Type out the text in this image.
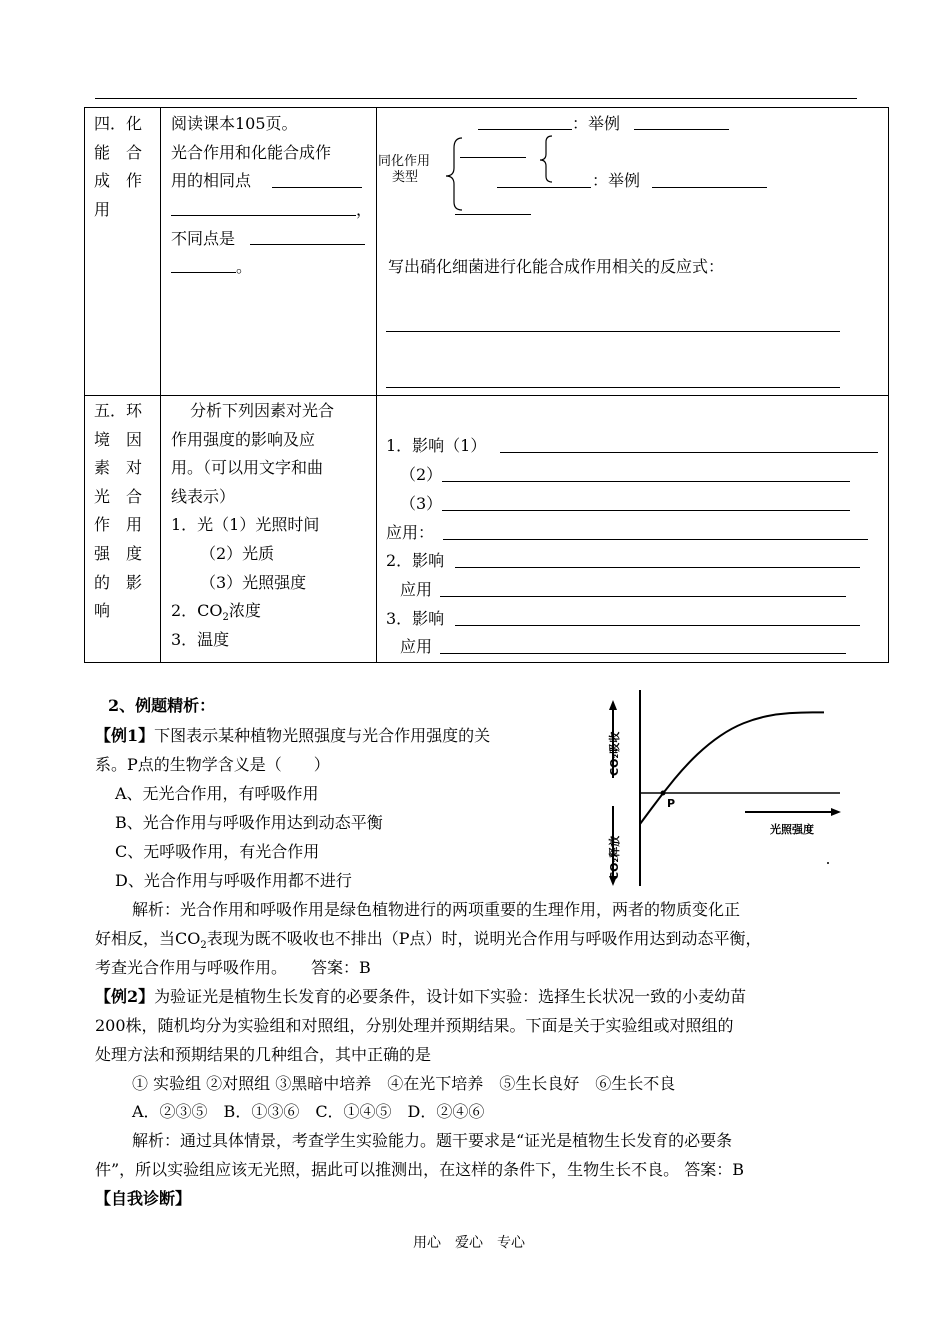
四．化
能　合
成　作
用
阅读课本105页。
光合作用和化能合成作
用的相同点
，
不同点是
。
：举例
同化作用
类型	：举例
写出硝化细菌进行化能合成作用相关的反应式：
五．环
境　因
素　对
光　合
作　用
强　度
的　影
响
分析下列因素对光合
作用强度的影响及应
用。（可以用文字和曲
线表示）
1．光（1）光照时间
（2）光质
（3）光照强度
2．$CO_2$浓度
3．温度
1．影响（1）
（2）
（3）
应用：
2．影响
应用
3．影响
应用
2、例题精析：
【例1】下图表示某种植物光照强度与光合作用强度的关
系。P点的生物学含义是（　　）
A、无光合作用，有呼吸作用
B、光合作用与呼吸作用达到动态平衡
C、无呼吸作用，有光合作用
D、光合作用与呼吸作用都不进行
解析：光合作用和呼吸作用是绿色植物进行的两项重要的生理作用，两者的物质变化正
好相反，当$CO_2$表现为既不吸收也不排出（P点）时，说明光合作用与呼吸作用达到动态平衡，
考查光合作用与呼吸作用。　　答案：B
光照强度
CO₂吸收
CO₂释放
P
【例2】为验证光是植物生长发育的必要条件，设计如下实验：选择生长状况一致的小麦幼苗
200株，随机均分为实验组和对照组，分别处理并预期结果。下面是关于实验组或对照组的
处理方法和预期结果的几种组合，其中正确的是
① 实验组 ②对照组 ③黑暗中培养　④在光下培养　⑤生长良好　⑥生长不良
A．②③⑤　B．①③⑥　C．①④⑤　D．②④⑥
解析：通过具体情景，考查学生实验能力。题干要求是“证光是植物生长发育的必要条
件”，所以实验组应该无光照，据此可以推测出，在这样的条件下，生物生长不良。 答案：B
【自我诊断】
用心　爱心　专心
